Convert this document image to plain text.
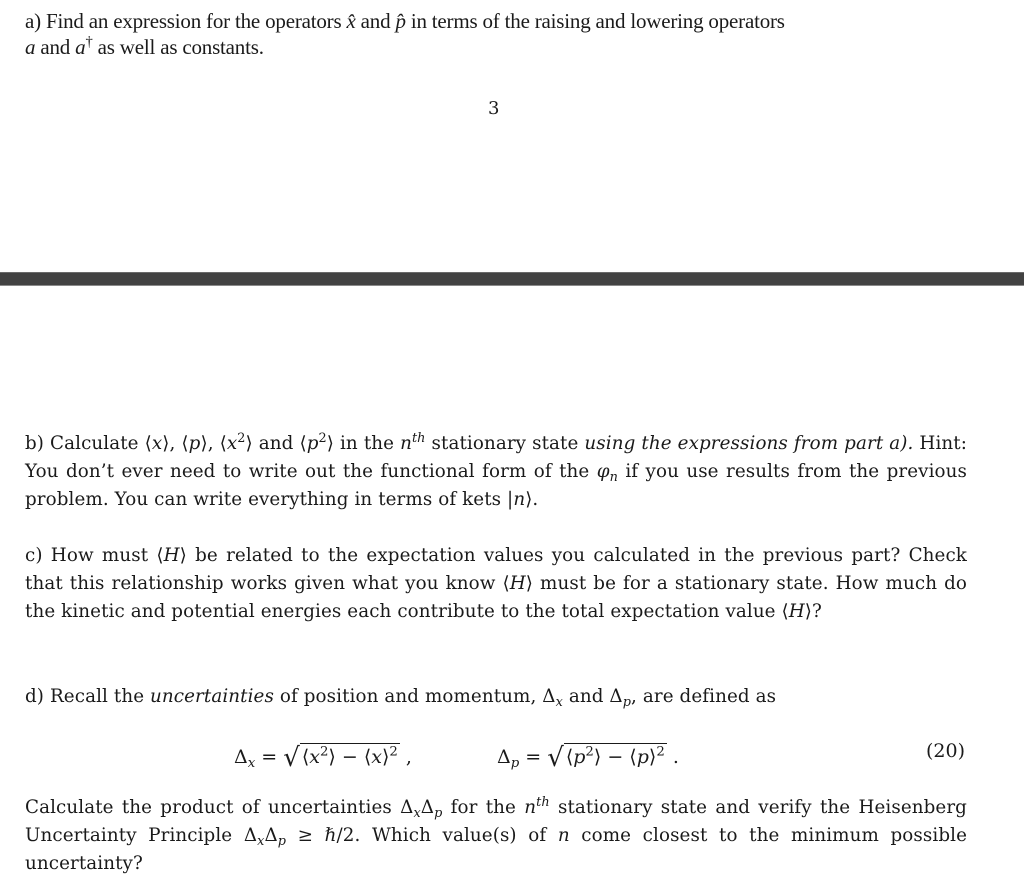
a) Find an expression for the operators x̂ and p̂ in terms of the raising and lowering operators
a and a† as well as constants.
3
b) Calculate ⟨x⟩, ⟨p⟩, $⟨x^2⟩$ and $⟨p^2⟩$ in the $n^{th}$ stationary state using the expressions from part a). Hint: You don’t ever need to write out the functional form of the $\varphi_n$ if you use results from the previous problem. You can write everything in terms of kets |n⟩.
c) How must ⟨H⟩ be related to the expectation values you calculated in the previous part? Check that this relationship works given what you know ⟨H⟩ must be for a stationary state. How much do the kinetic and potential energies each contribute to the total expectation value ⟨H⟩?
d) Recall the uncertainties of position and momentum, $\Delta_x$ and $\Delta_p$, are defined as
$\Delta_x$ = √ $⟨x^2⟩$ − ⟨x⟩$^2$ ,	$\Delta_p$ = √ $⟨p^2⟩$ − ⟨p⟩$^2$ .	(20)
Calculate the product of uncertainties $\Delta_x\Delta_p$ for the $n^{th}$ stationary state and verify the Heisenberg Uncertainty Principle $\Delta_x\Delta_p$ ≥ ℏ/2. Which value(s) of n come closest to the minimum possible uncertainty?
